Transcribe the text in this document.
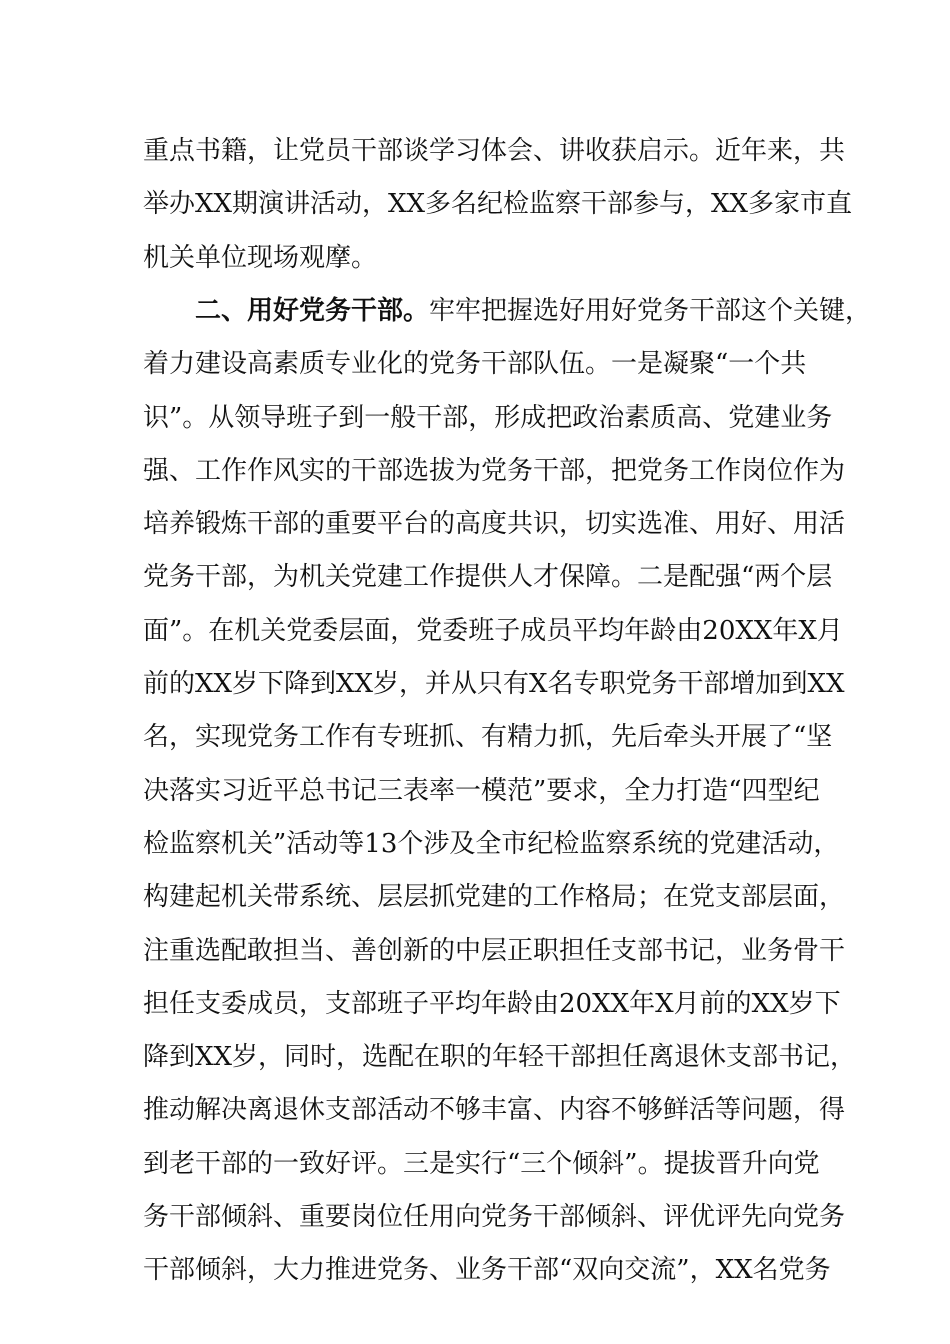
重点书籍，让党员干部谈学习体会、讲收获启示。近年来，共
举办XX期演讲活动，XX多名纪检监察干部参与，XX多家市直
机关单位现场观摩。
二、用好党务干部。牢牢把握选好用好党务干部这个关键，
着力建设高素质专业化的党务干部队伍。一是凝聚“一个共
识”。从领导班子到一般干部，形成把政治素质高、党建业务
强、工作作风实的干部选拔为党务干部，把党务工作岗位作为
培养锻炼干部的重要平台的高度共识，切实选准、用好、用活
党务干部，为机关党建工作提供人才保障。二是配强“两个层
面”。在机关党委层面，党委班子成员平均年龄由20XX年X月
前的XX岁下降到XX岁，并从只有X名专职党务干部增加到XX
名，实现党务工作有专班抓、有精力抓，先后牵头开展了“坚
决落实习近平总书记三表率一模范”要求，全力打造“四型纪
检监察机关”活动等13个涉及全市纪检监察系统的党建活动，
构建起机关带系统、层层抓党建的工作格局；在党支部层面，
注重选配敢担当、善创新的中层正职担任支部书记，业务骨干
担任支委成员，支部班子平均年龄由20XX年X月前的XX岁下
降到XX岁，同时，选配在职的年轻干部担任离退休支部书记，
推动解决离退休支部活动不够丰富、内容不够鲜活等问题，得
到老干部的一致好评。三是实行“三个倾斜”。提拔晋升向党
务干部倾斜、重要岗位任用向党务干部倾斜、评优评先向党务
干部倾斜，大力推进党务、业务干部“双向交流”，XX名党务
